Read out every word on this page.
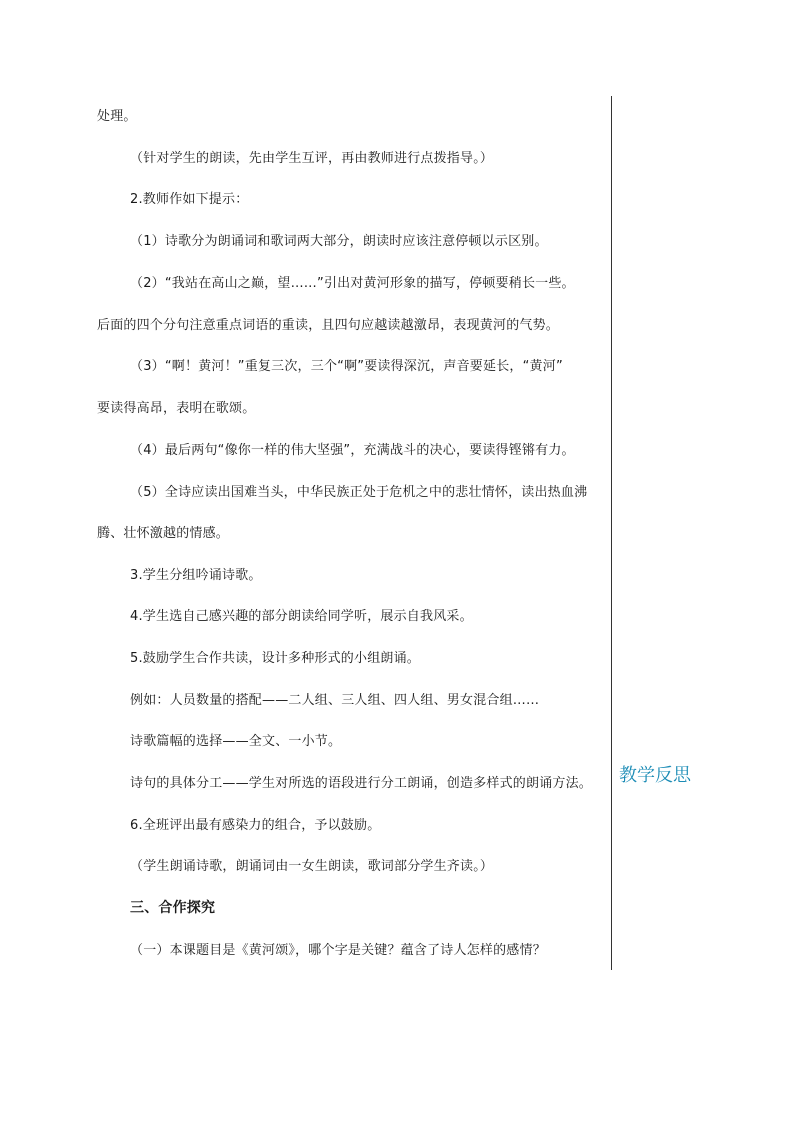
处理。
（针对学生的朗读，先由学生互评，再由教师进行点拨指导。）
2.教师作如下提示：
（1）诗歌分为朗诵词和歌词两大部分，朗读时应该注意停顿以示区别。
（2）“我站在高山之巅，望……”引出对黄河形象的描写，停顿要稍长一些。
后面的四个分句注意重点词语的重读，且四句应越读越激昂，表现黄河的气势。
（3）“啊！黄河！”重复三次，三个“啊”要读得深沉，声音要延长，“黄河”
要读得高昂，表明在歌颂。
（4）最后两句“像你一样的伟大坚强”，充满战斗的决心，要读得铿锵有力。
（5）全诗应读出国难当头，中华民族正处于危机之中的悲壮情怀，读出热血沸
腾、壮怀激越的情感。
3.学生分组吟诵诗歌。
4.学生选自己感兴趣的部分朗读给同学听，展示自我风采。
5.鼓励学生合作共读，设计多种形式的小组朗诵。
例如：人员数量的搭配——二人组、三人组、四人组、男女混合组……
诗歌篇幅的选择——全文、一小节。
诗句的具体分工——学生对所选的语段进行分工朗诵，创造多样式的朗诵方法。
6.全班评出最有感染力的组合，予以鼓励。
（学生朗诵诗歌，朗诵词由一女生朗读，歌词部分学生齐读。）
三、合作探究
（一）本课题目是《黄河颂》，哪个字是关键？蕴含了诗人怎样的感情？
教学反思
